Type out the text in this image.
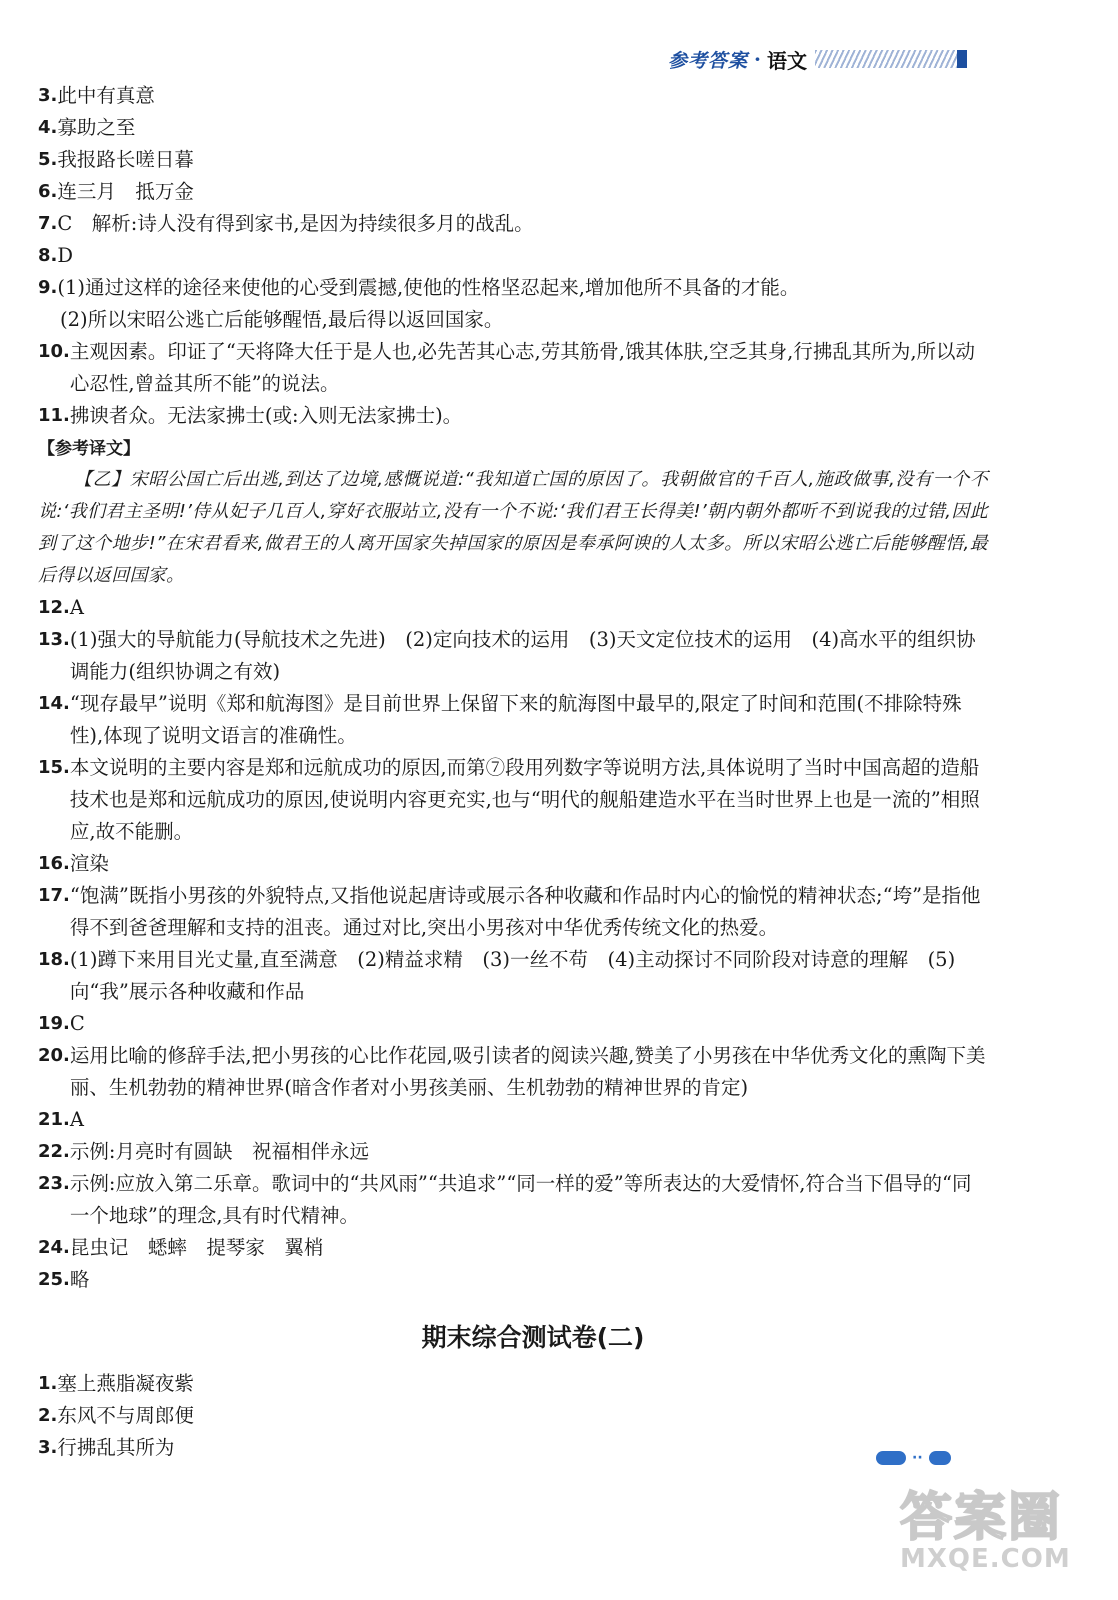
参考答案 · 语文
3. 此中有真意
4. 寡助之至
5. 我报路长嗟日暮
6. 连三月　抵万金
7. C　解析:诗人没有得到家书,是因为持续很多月的战乱。
8. D
9. (1)通过这样的途径来使他的心受到震撼,使他的性格坚忍起来,增加他所不具备的才能。
(2)所以宋昭公逃亡后能够醒悟,最后得以返回国家。
10. 主观因素。印证了“天将降大任于是人也,必先苦其心志,劳其筋骨,饿其体肤,空乏其身,行拂乱其所为,所以动心忍性,曾益其所不能”的说法。
11. 拂谀者众。无法家拂士(或:入则无法家拂士)。
【参考译文】
【乙】宋昭公国亡后出逃,到达了边境,感慨说道:“我知道亡国的原因了。我朝做官的千百人,施政做事,没有一个不说:‘我们君主圣明!’侍从妃子几百人,穿好衣服站立,没有一个不说:‘我们君王长得美!’朝内朝外都听不到说我的过错,因此到了这个地步!”在宋君看来,做君王的人离开国家失掉国家的原因是奉承阿谀的人太多。所以宋昭公逃亡后能够醒悟,最后得以返回国家。
12. A
13. (1)强大的导航能力(导航技术之先进)　(2)定向技术的运用　(3)天文定位技术的运用　(4)高水平的组织协调能力(组织协调之有效)
14. “现存最早”说明《郑和航海图》是目前世界上保留下来的航海图中最早的,限定了时间和范围(不排除特殊性),体现了说明文语言的准确性。
15. 本文说明的主要内容是郑和远航成功的原因,而第⑦段用列数字等说明方法,具体说明了当时中国高超的造船技术也是郑和远航成功的原因,使说明内容更充实,也与“明代的舰船建造水平在当时世界上也是一流的”相照应,故不能删。
16. 渲染
17. “饱满”既指小男孩的外貌特点,又指他说起唐诗或展示各种收藏和作品时内心的愉悦的精神状态;“垮”是指他得不到爸爸理解和支持的沮丧。通过对比,突出小男孩对中华优秀传统文化的热爱。
18. (1)蹲下来用目光丈量,直至满意　(2)精益求精　(3)一丝不苟　(4)主动探讨不同阶段对诗意的理解　(5)向“我”展示各种收藏和作品
19. C
20. 运用比喻的修辞手法,把小男孩的心比作花园,吸引读者的阅读兴趣,赞美了小男孩在中华优秀文化的熏陶下美丽、生机勃勃的精神世界(暗含作者对小男孩美丽、生机勃勃的精神世界的肯定)
21. A
22. 示例:月亮时有圆缺　祝福相伴永远
23. 示例:应放入第二乐章。歌词中的“共风雨”“共追求”“同一样的爱”等所表达的大爱情怀,符合当下倡导的“同一个地球”的理念,具有时代精神。
24. 昆虫记　蟋蟀　提琴家　翼梢
25. 略
期末综合测试卷(二)
1. 塞上燕脂凝夜紫
2. 东风不与周郎便
3. 行拂乱其所为	··
答案圈
MXQE.COM
